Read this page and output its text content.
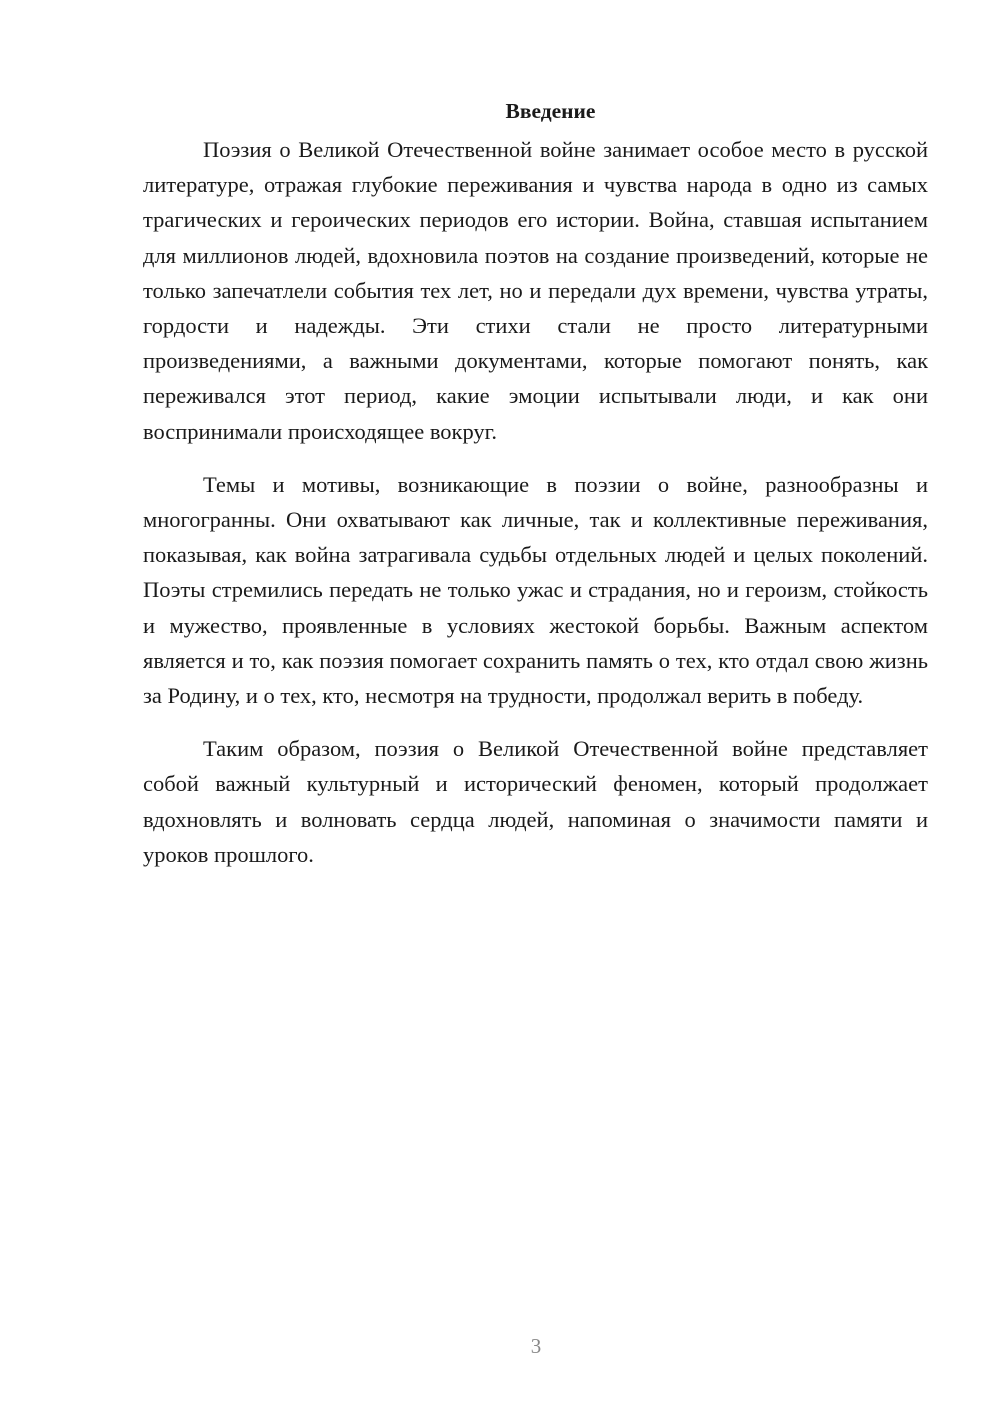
Введение

Поэзия о Великой Отечественной войне занимает особое место в русской литературе, отражая глубокие переживания и чувства народа в одно из самых трагических и героических периодов его истории. Война, ставшая испытанием для миллионов людей, вдохновила поэтов на создание произведений, которые не только запечатлели события тех лет, но и передали дух времени, чувства утраты, гордости и надежды. Эти стихи стали не просто литературными произведениями, а важными документами, которые помогают понять, как переживался этот период, какие эмоции испытывали люди, и как они воспринимали происходящее вокруг.

Темы и мотивы, возникающие в поэзии о войне, разнообразны и многогранны. Они охватывают как личные, так и коллективные переживания, показывая, как война затрагивала судьбы отдельных людей и целых поколений. Поэты стремились передать не только ужас и страдания, но и героизм, стойкость и мужество, проявленные в условиях жестокой борьбы. Важным аспектом является и то, как поэзия помогает сохранить память о тех, кто отдал свою жизнь за Родину, и о тех, кто, несмотря на трудности, продолжал верить в победу.

Таким образом, поэзия о Великой Отечественной войне представляет собой важный культурный и исторический феномен, который продолжает вдохновлять и волновать сердца людей, напоминая о значимости памяти и уроков прошлого.

3
